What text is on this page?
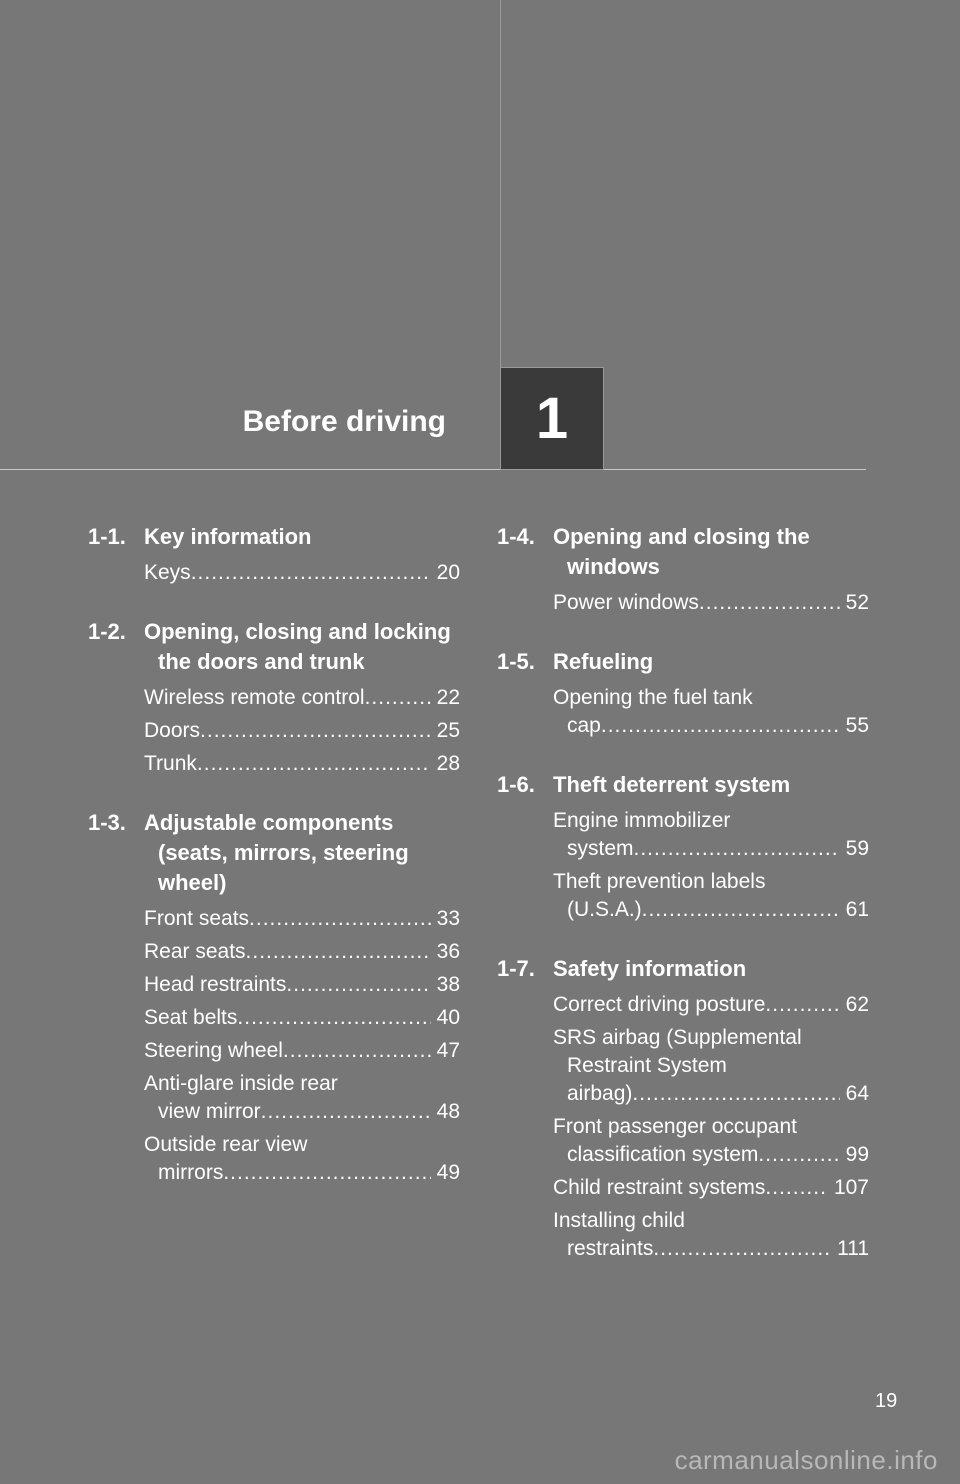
Before driving 1
1-1. Key information
Keys .....	20
1-2. Opening, closing and locking the doors and trunk
Wireless remote control .....	22
Doors .....	25
Trunk .....	28
1-3. Adjustable components (seats, mirrors, steering wheel)
Front seats .....	33
Rear seats .....	36
Head restraints .....	38
Seat belts .....	40
Steering wheel .....	47
Anti-glare inside rear
view mirror .....	48
Outside rear view
mirrors .....	49
1-4. Opening and closing the windows
Power windows .....	52
1-5. Refueling
Opening the fuel tank
cap .....	55
1-6. Theft deterrent system
Engine immobilizer
system .....	59
Theft prevention labels
(U.S.A.) .....	61
1-7. Safety information
Correct driving posture .....	62
SRS airbag (Supplemental
Restraint System
airbag) .....	64
Front passenger occupant
classification system .....	99
Child restraint systems .....	107
Installing child
restraints .....	111
19
carmanualsonline.info
